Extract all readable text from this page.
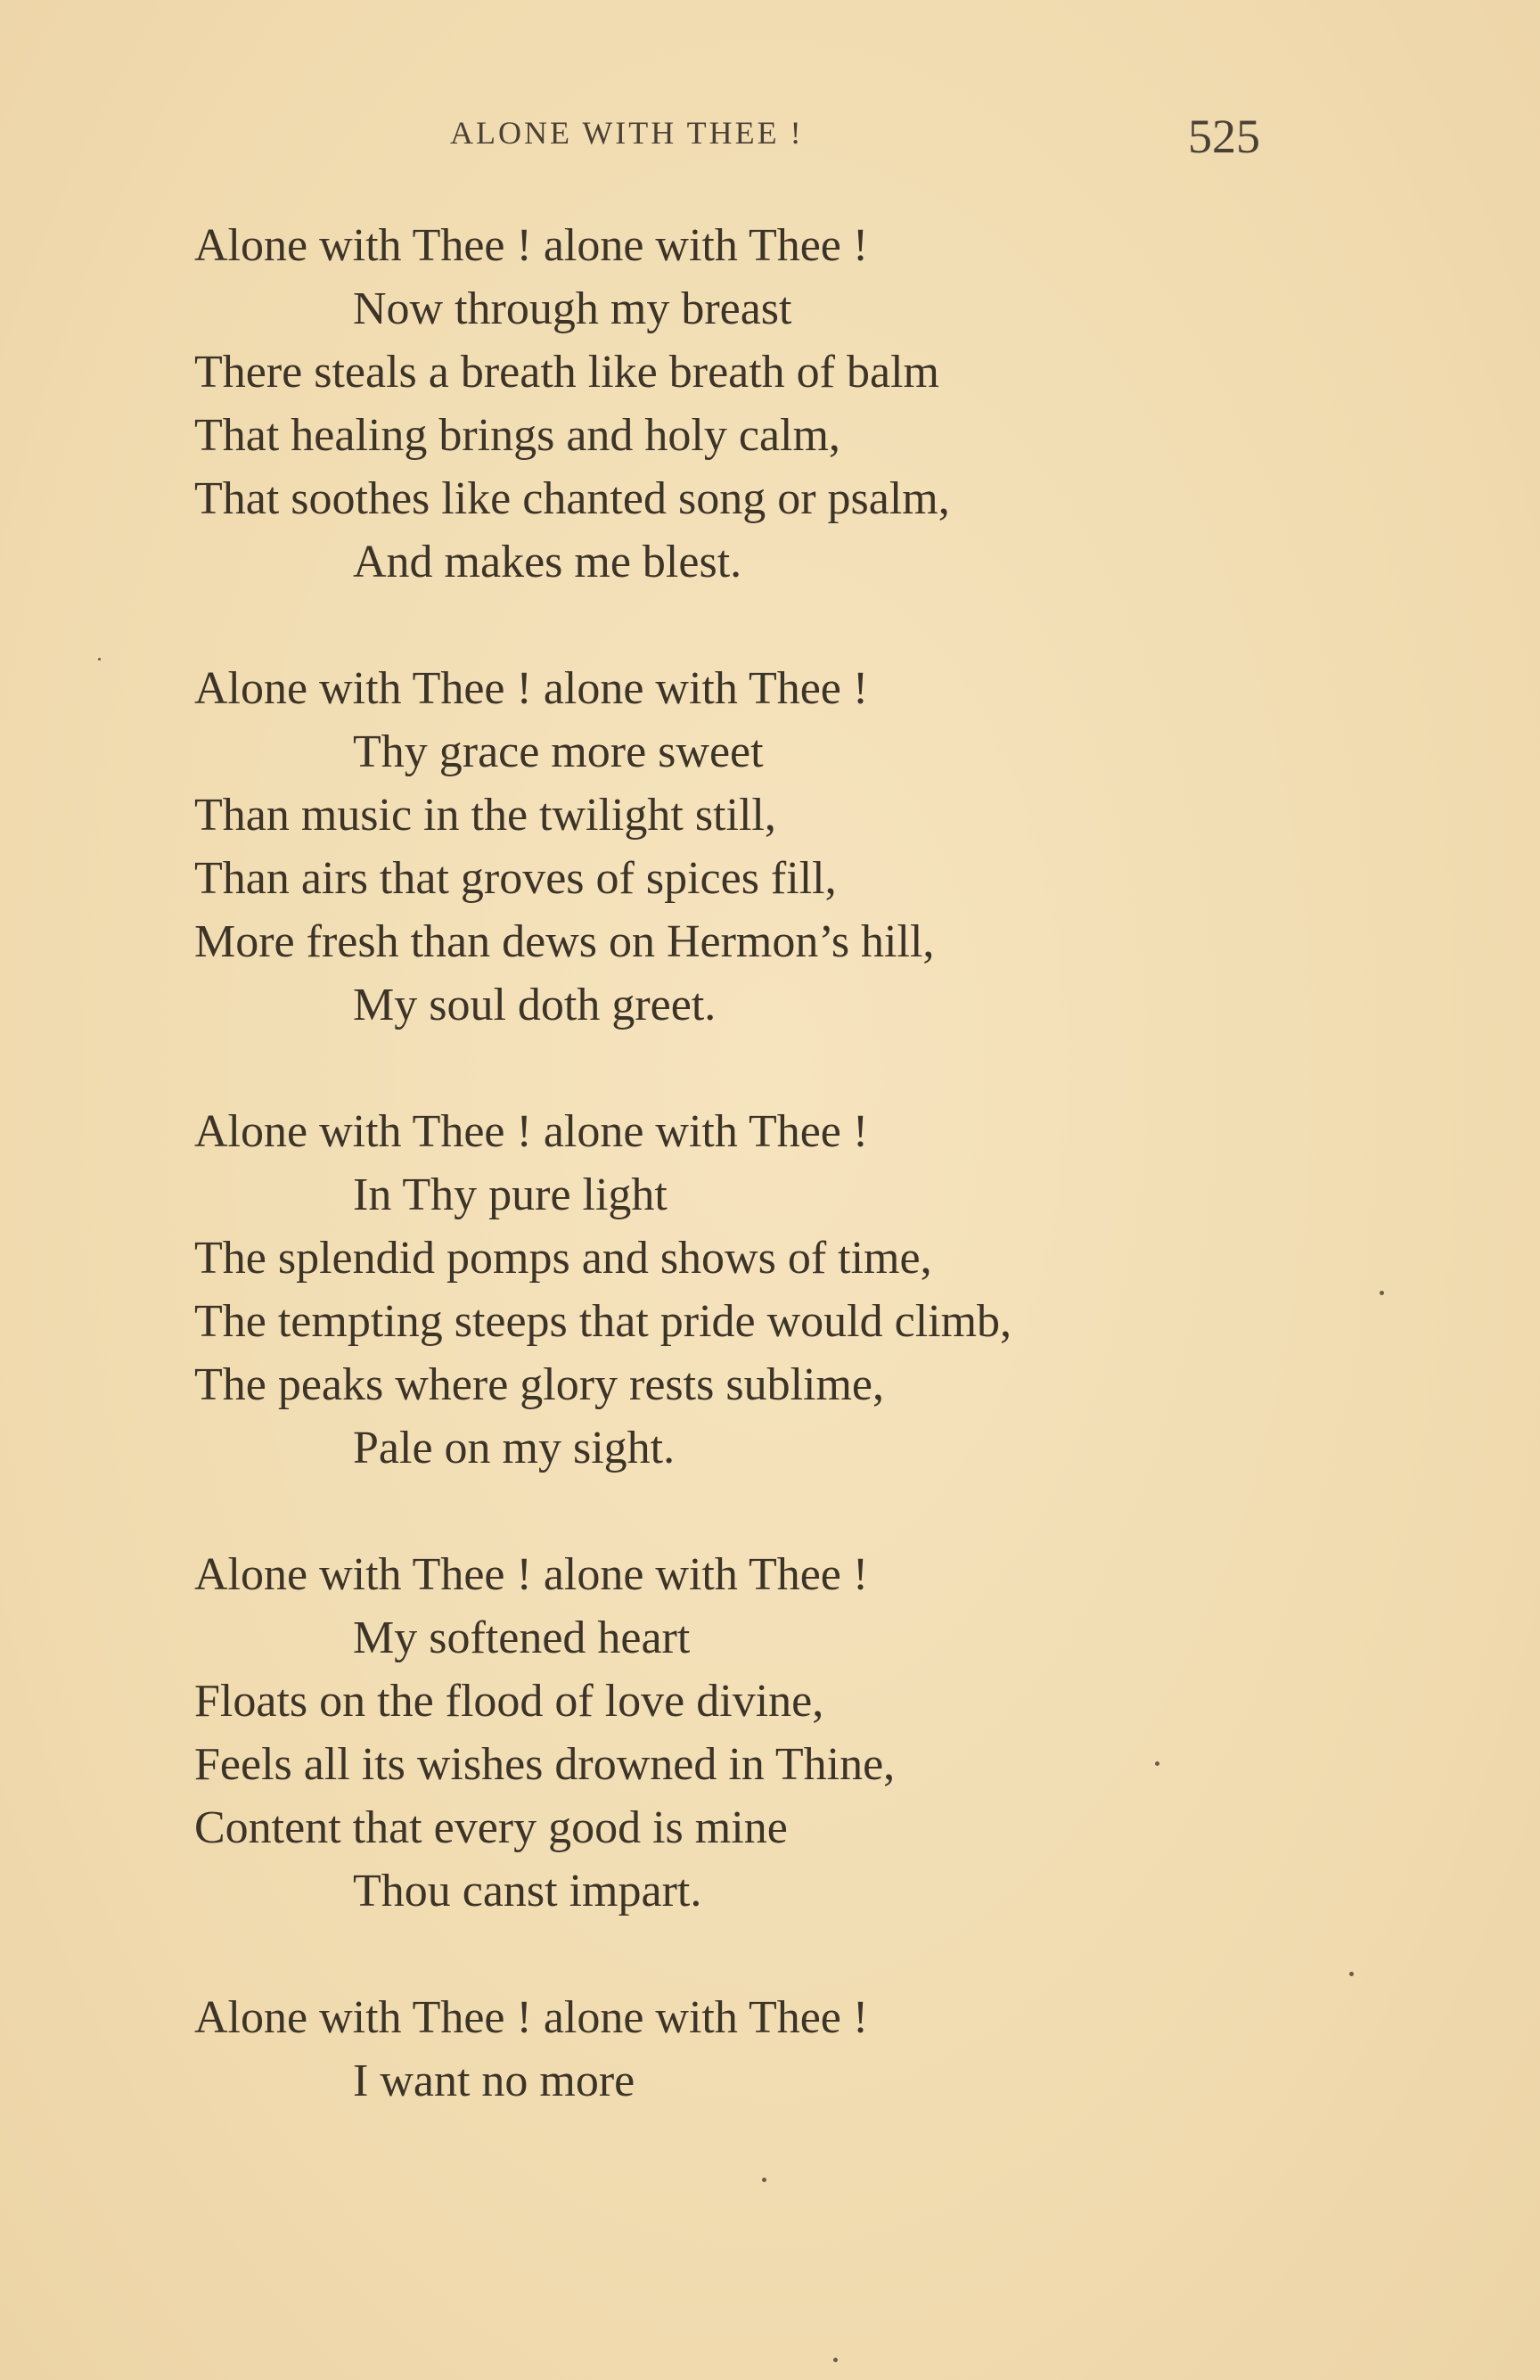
ALONE WITH THEE !	525
Alone with Thee ! alone with Thee !
Now through my breast
There steals a breath like breath of balm
That healing brings and holy calm,
That soothes like chanted song or psalm,
And makes me blest.
Alone with Thee ! alone with Thee !
Thy grace more sweet
Than music in the twilight still,
Than airs that groves of spices fill,
More fresh than dews on Hermon’s hill,
My soul doth greet.
Alone with Thee ! alone with Thee !
In Thy pure light
The splendid pomps and shows of time,
The tempting steeps that pride would climb,
The peaks where glory rests sublime,
Pale on my sight.
Alone with Thee ! alone with Thee !
My softened heart
Floats on the flood of love divine,
Feels all its wishes drowned in Thine,
Content that every good is mine
Thou canst impart.
Alone with Thee ! alone with Thee !
I want no more
